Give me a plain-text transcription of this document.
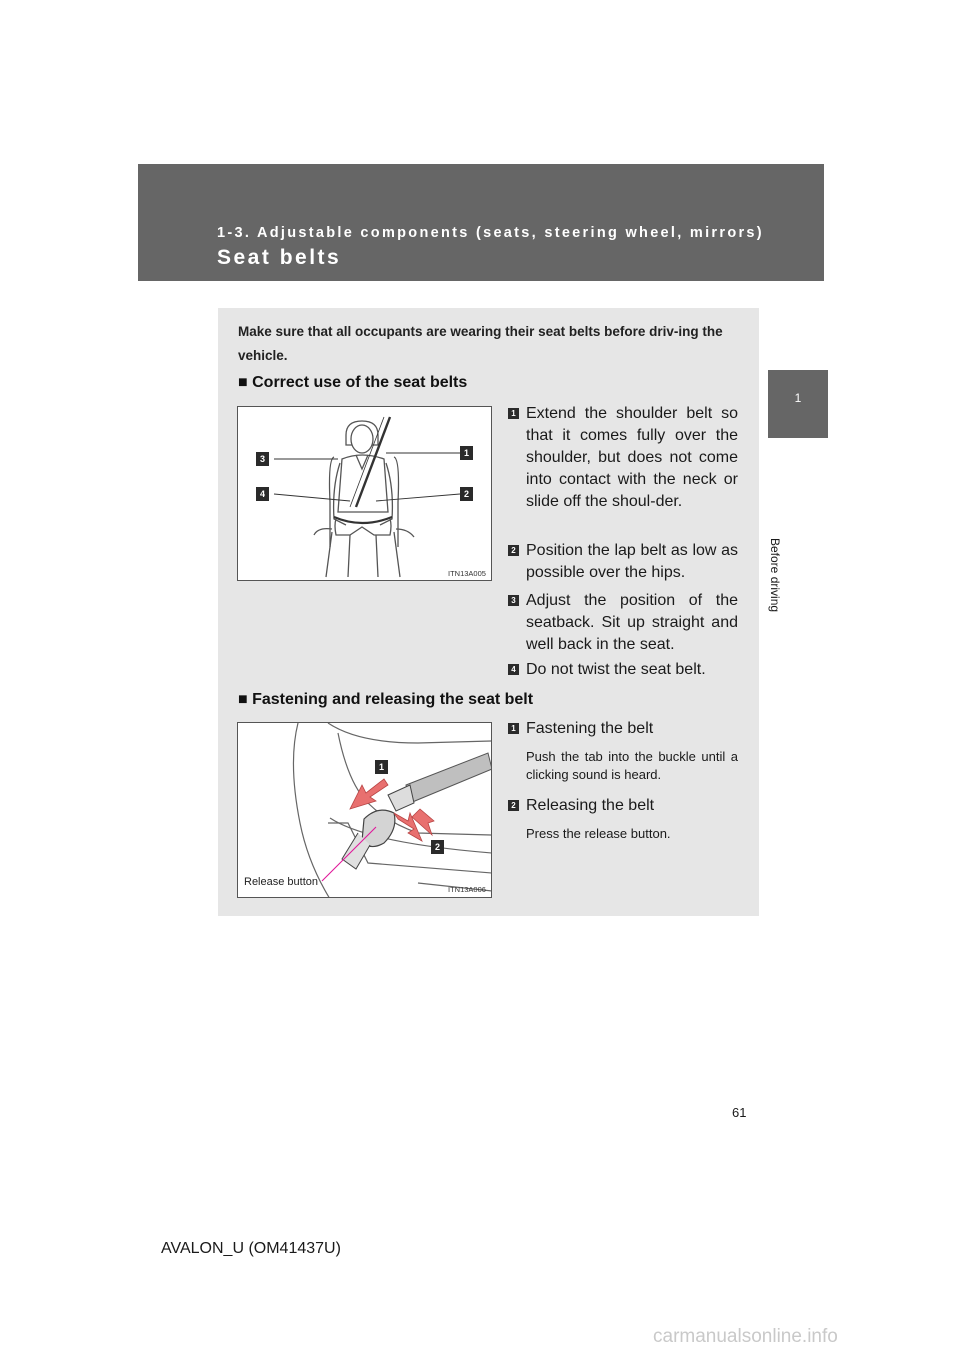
1-3. Adjustable components (seats, steering wheel, mirrors)
Seat belts
1
Before driving
Make sure that all occupants are wearing their seat belts before driv-ing the vehicle.
■ Correct use of the seat belts
3
1
4	2
ITN13A005
1 Extend the shoulder belt so that it comes fully over the shoulder, but does not come into contact with the neck or slide off the shoul-der.
2 Position the lap belt as low as possible over the hips.
3 Adjust the position of the seatback. Sit up straight and well back in the seat.
4 Do not twist the seat belt.
■ Fastening and releasing the seat belt
1
2
Release button
ITN13A006
1 Fastening the belt
Push the tab into the buckle until a clicking sound is heard.
2 Releasing the belt
Press the release button.
61
AVALON_U (OM41437U)
carmanualsonline.info
